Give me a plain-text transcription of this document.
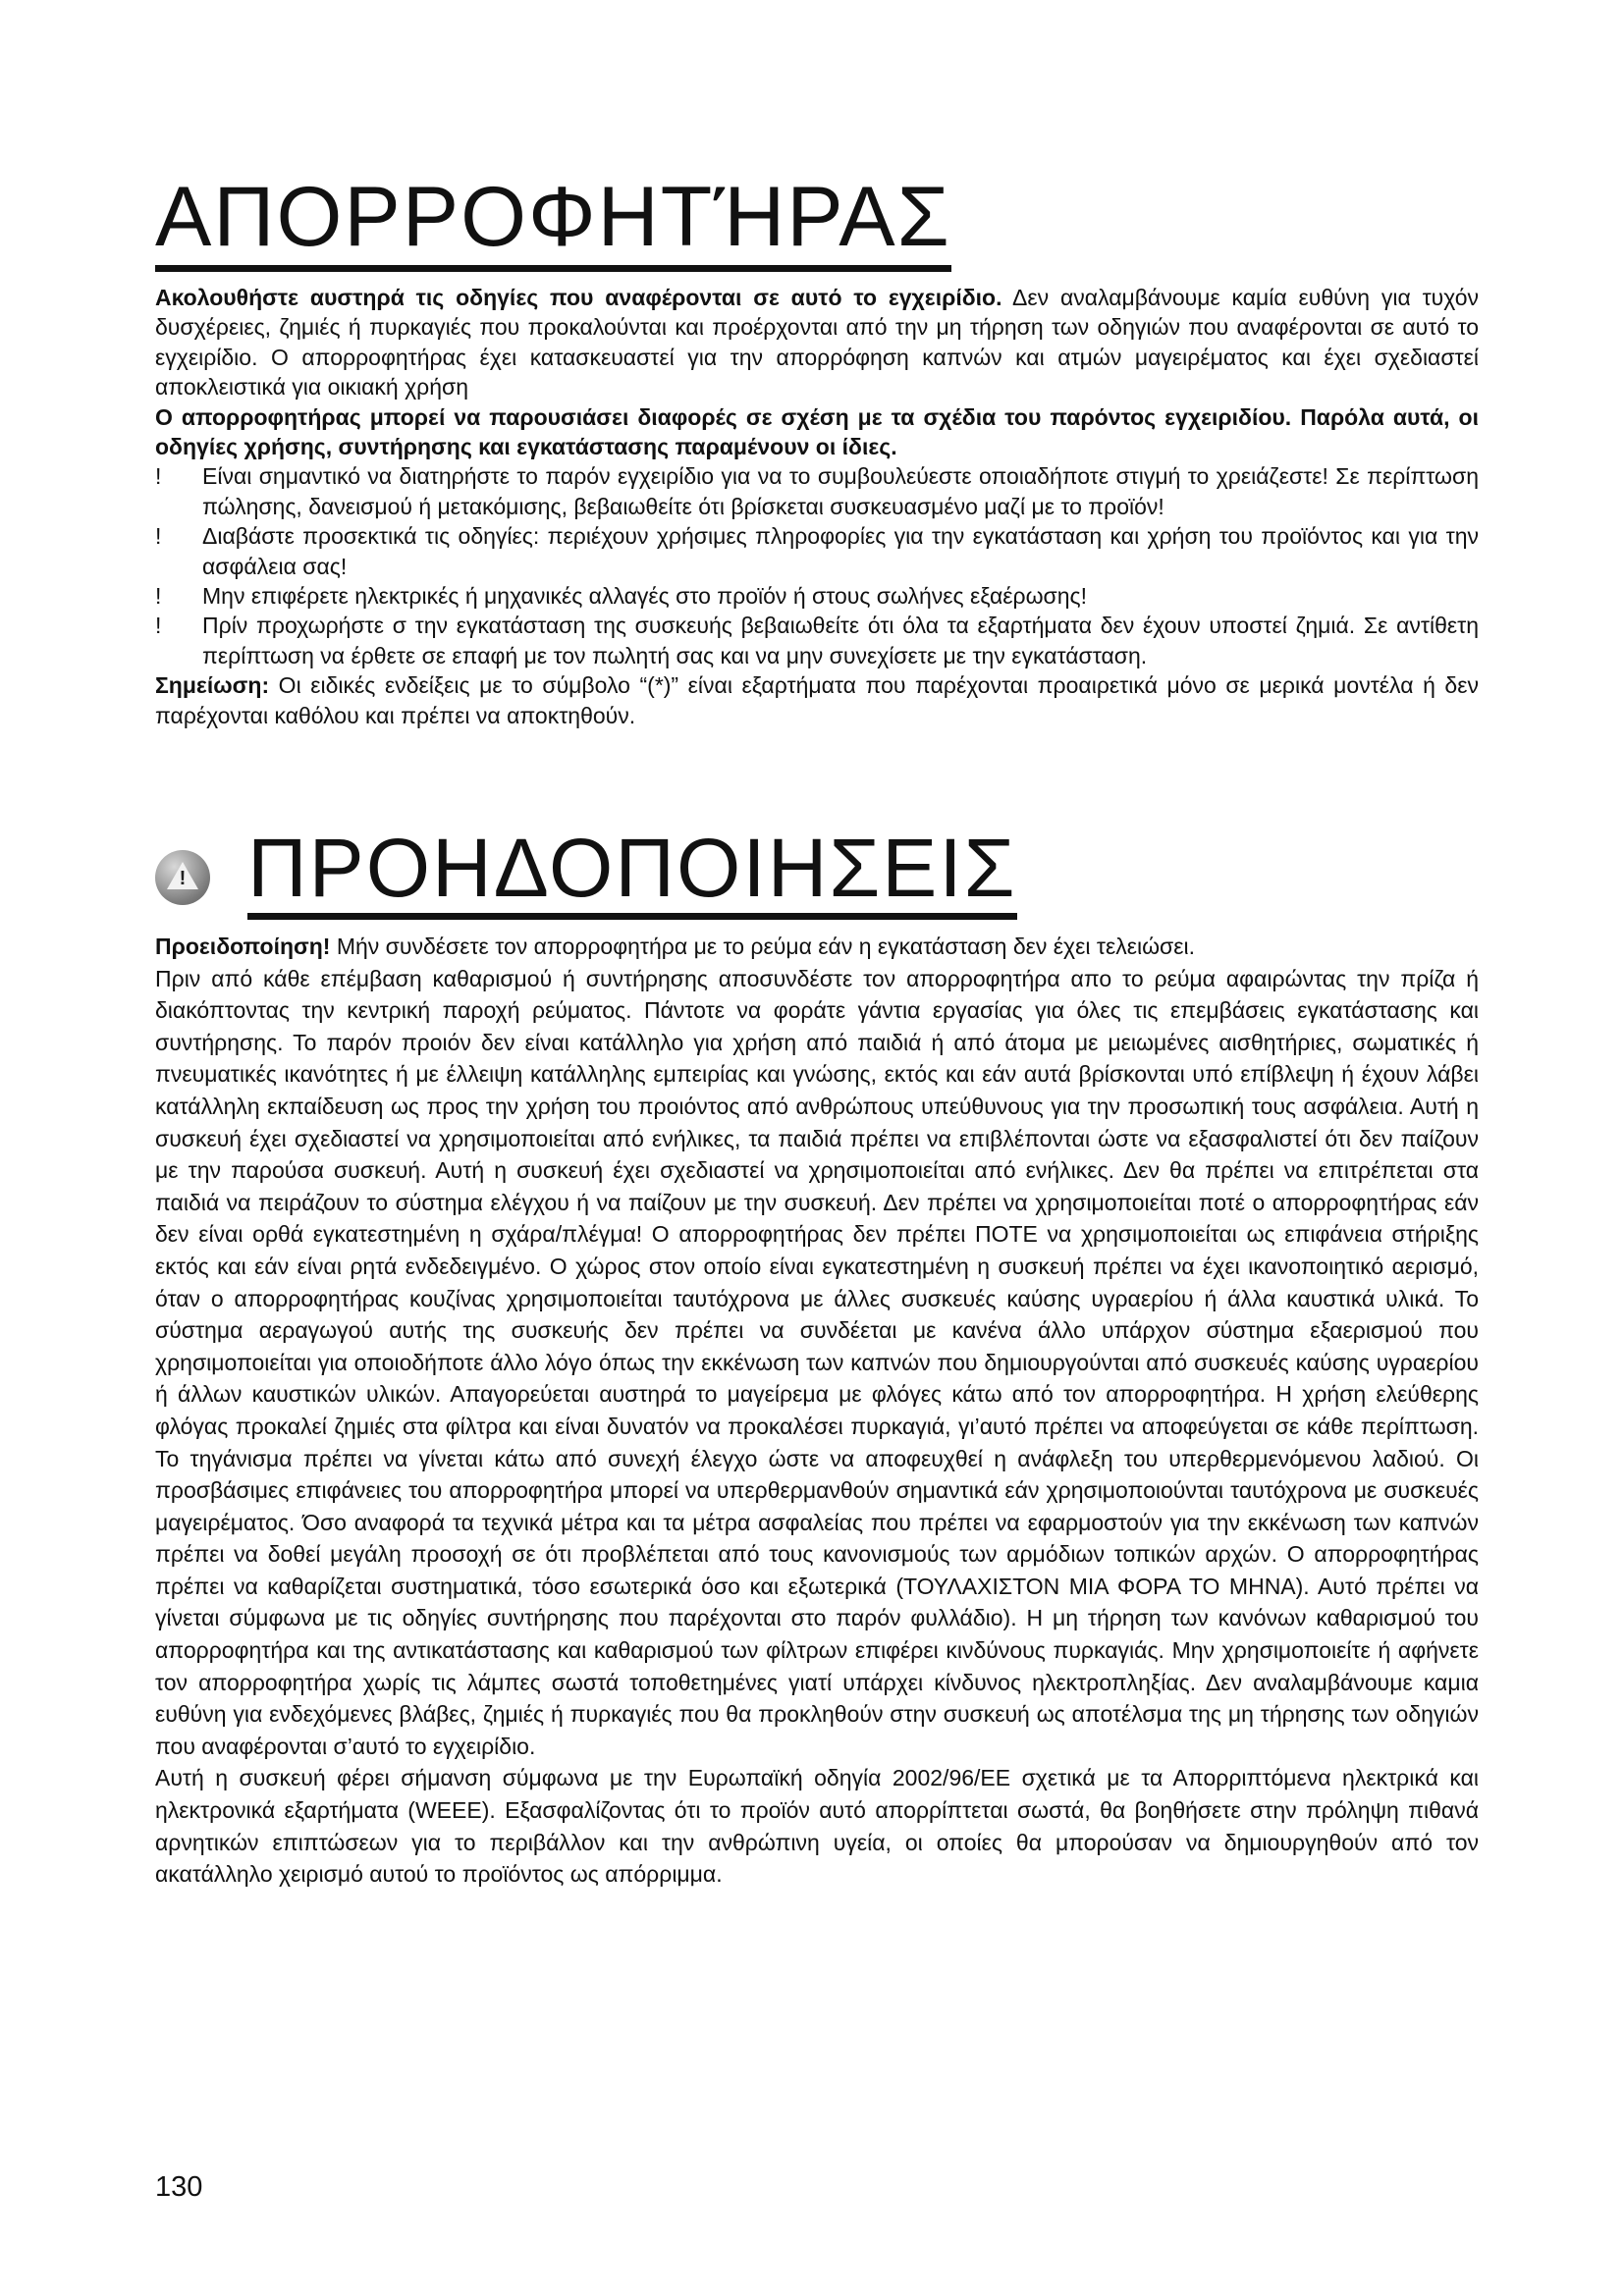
ΑΠΟΡΡΟΦΗΤΉΡΑΣ

Ακολουθήστε αυστηρά τις οδηγίες που αναφέρονται σε αυτό το εγχειρίδιο. Δεν αναλαμβάνουμε καμία ευθύνη για τυχόν δυσχέρειες, ζημιές ή πυρκαγιές που προκαλούνται και προέρχονται από την μη τήρηση των οδηγιών που αναφέρονται σε αυτό το εγχειρίδιο. Ο απορροφητήρας έχει κατασκευαστεί για την απορρόφηση καπνών και ατμών μαγειρέματος και έχει σχεδιαστεί αποκλειστικά για οικιακή χρήση

Ο απορροφητήρας μπορεί να παρουσιάσει διαφορές σε σχέση με τα σχέδια του παρόντος εγχειριδίου. Παρόλα αυτά, οι οδηγίες χρήσης, συντήρησης και εγκατάστασης παραμένουν οι ίδιες.

! Είναι σημαντικό να διατηρήστε το παρόν εγχειρίδιο για να το συμβουλεύεστε οποιαδήποτε στιγμή το χρειάζεστε! Σε περίπτωση πώλησης, δανεισμού ή μετακόμισης, βεβαιωθείτε ότι βρίσκεται συσκευασμένο μαζί με το προϊόν!
! Διαβάστε προσεκτικά τις οδηγίες: περιέχουν χρήσιμες πληροφορίες για την εγκατάσταση και χρήση του προϊόντος και για την ασφάλεια σας!
! Μην επιφέρετε ηλεκτρικές ή μηχανικές αλλαγές στο προϊόν ή στους σωλήνες εξαέρωσης!
! Πρίν προχωρήστε σ την εγκατάσταση της συσκευής βεβαιωθείτε ότι όλα τα εξαρτήματα δεν έχουν υποστεί ζημιά. Σε αντίθετη περίπτωση να έρθετε σε επαφή με τον πωλητή σας και να μην συνεχίσετε με την εγκατάσταση.

Σημείωση: Οι ειδικές ενδείξεις με το σύμβολο “(*)” είναι εξαρτήματα που παρέχονται προαιρετικά μόνο σε μερικά μοντέλα ή δεν παρέχονται καθόλου και πρέπει να αποκτηθούν.

! ΠΡΟΗΔΟΠΟΙΗΣΕΙΣ

Προειδοποίηση! Μήν συνδέσετε τον απορροφητήρα με το ρεύμα εάν η εγκατάσταση δεν έχει τελειώσει.

Πριν από κάθε επέμβαση καθαρισμού ή συντήρησης αποσυνδέστε τον απορροφητήρα απο το ρεύμα αφαιρώντας την πρίζα ή διακόπτοντας την κεντρική παροχή ρεύματος. Πάντοτε να φοράτε γάντια εργασίας για όλες τις επεμβάσεις εγκατάστασης και συντήρησης. Το παρόν προιόν δεν είναι κατάλληλο για χρήση από παιδιά ή από άτομα με μειωμένες αισθητήριες, σωματικές ή πνευματικές ικανότητες ή με έλλειψη κατάλληλης εμπειρίας και γνώσης, εκτός και εάν αυτά βρίσκονται υπό επίβλεψη ή έχουν λάβει κατάλληλη εκπαίδευση ως προς την χρήση του προιόντος από ανθρώπους υπεύθυνους για την προσωπική τους ασφάλεια. Αυτή η συσκευή έχει σχεδιαστεί να χρησιμοποιείται από ενήλικες, τα παιδιά πρέπει να επιβλέπονται ώστε να εξασφαλιστεί ότι δεν παίζουν με την παρούσα συσκευή. Αυτή η συσκευή έχει σχεδιαστεί να χρησιμοποιείται από ενήλικες. Δεν θα πρέπει να επιτρέπεται στα παιδιά να πειράζουν το σύστημα ελέγχου ή να παίζουν με την συσκευή. Δεν πρέπει να χρησιμοποιείται ποτέ ο απορροφητήρας εάν δεν είναι ορθά εγκατεστημένη η σχάρα/πλέγμα! Ο απορροφητήρας δεν πρέπει ΠΟΤΕ να χρησιμοποιείται ως επιφάνεια στήριξης εκτός και εάν είναι ρητά ενδεδειγμένο. Ο χώρος στον οποίο είναι εγκατεστημένη η συσκευή πρέπει να έχει ικανοποιητικό αερισμό, όταν ο απορροφητήρας κουζίνας χρησιμοποιείται ταυτόχρονα με άλλες συσκευές καύσης υγραερίου ή άλλα καυστικά υλικά. Το σύστημα αεραγωγού αυτής της συσκευής δεν πρέπει να συνδέεται με κανένα άλλο υπάρχον σύστημα εξαερισμού που χρησιμοποιείται για οποιοδήποτε άλλο λόγο όπως την εκκένωση των καπνών που δημιουργούνται από συσκευές καύσης υγραερίου ή άλλων καυστικών υλικών. Απαγορεύεται αυστηρά το μαγείρεμα με φλόγες κάτω από τον απορροφητήρα. Η χρήση ελεύθερης φλόγας προκαλεί ζημιές στα φίλτρα και είναι δυνατόν να προκαλέσει πυρκαγιά, γι’αυτό πρέπει να αποφεύγεται σε κάθε περίπτωση. Το τηγάνισμα πρέπει να γίνεται κάτω από συνεχή έλεγχο ώστε να αποφευχθεί η ανάφλεξη του υπερθερμενόμενου λαδιού. Οι προσβάσιμες επιφάνειες του απορροφητήρα μπορεί να υπερθερμανθούν σημαντικά εάν χρησιμοποιούνται ταυτόχρονα με συσκευές μαγειρέματος. Όσο αναφορά τα τεχνικά μέτρα και τα μέτρα ασφαλείας που πρέπει να εφαρμοστούν για την εκκένωση των καπνών πρέπει να δοθεί μεγάλη προσοχή σε ότι προβλέπεται από τους κανονισμούς των αρμόδιων τοπικών αρχών. Ο απορροφητήρας πρέπει να καθαρίζεται συστηματικά, τόσο εσωτερικά όσο και εξωτερικά (ΤΟΥΛΑΧΙΣΤΟΝ ΜΙΑ ΦΟΡΑ ΤΟ ΜΗΝΑ). Αυτό πρέπει να γίνεται σύμφωνα με τις οδηγίες συντήρησης που παρέχονται στο παρόν φυλλάδιο). Η μη τήρηση των κανόνων καθαρισμού του απορροφητήρα και της αντικατάστασης και καθαρισμού των φίλτρων επιφέρει κινδύνους πυρκαγιάς. Μην χρησιμοποιείτε ή αφήνετε τον απορροφητήρα χωρίς τις λάμπες σωστά τοποθετημένες γιατί υπάρχει κίνδυνος ηλεκτροπληξίας. Δεν αναλαμβάνουμε καμια ευθύνη για ενδεχόμενες βλάβες, ζημιές ή πυρκαγιές που θα προκληθούν στην συσκευή ως αποτέλσμα της μη τήρησης των οδηγιών που αναφέρονται σ’αυτό το εγχειρίδιο.

Αυτή η συσκευή φέρει σήμανση σύμφωνα με την Ευρωπαϊκή οδηγία 2002/96/ΕΕ σχετικά με τα Απορριπτόμενα ηλεκτρικά και ηλεκτρονικά εξαρτήματα (WEEE). Εξασφαλίζοντας ότι το προϊόν αυτό απορρίπτεται σωστά, θα βοηθήσετε στην πρόληψη πιθανά αρνητικών επιπτώσεων για το περιβάλλον και την ανθρώπινη υγεία, οι οποίες θα μπορούσαν να δημιουργηθούν από τον ακατάλληλο χειρισμό αυτού το προϊόντος ως απόρριμμα.

130
